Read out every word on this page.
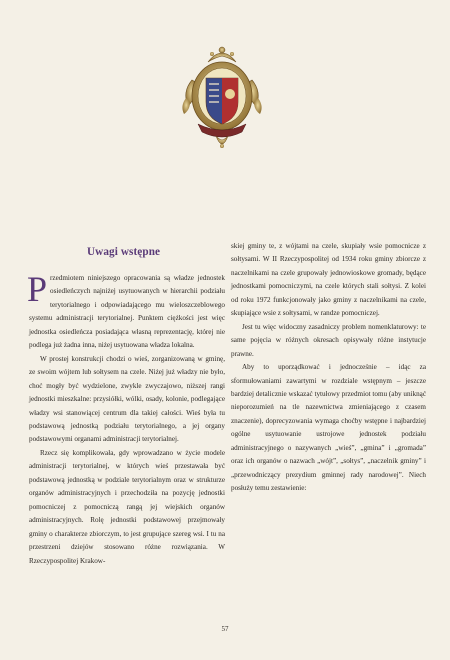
Uwagi wstępne

Przedmiotem niniejszego opracowania są władze jednostek osiedleńczych najniżej usytuowanych w hierarchii podziału terytorialnego i odpowiadającego mu wieloszczeblowego systemu administracji terytorialnej. Punktem ciężkości jest więc jednostka osiedleńcza posiadająca własną reprezentację, której nie podlega już żadna inna, niżej usytuowana władza lokalna.

W prostej konstrukcji chodzi o wieś, zorganizowaną w gminę, ze swoim wójtem lub sołtysem na czele. Niżej już władzy nie było, choć mogły być wydzielone, zwykle zwyczajowo, niższej rangi jednostki mieszkalne: przysiółki, wólki, osady, kolonie, podlegające władzy wsi stanowiącej centrum dla takiej całości. Wieś była tu podstawową jednostką podziału terytorialnego, a jej organy podstawowymi organami administracji terytorialnej.

Rzecz się komplikowała, gdy wprowadzano w życie modele administracji terytorialnej, w których wieś przestawała być podstawową jednostką w podziale terytorialnym oraz w strukturze organów administracyjnych i przechodziła na pozycję jednostki pomocniczej z pomocniczą rangą jej wiejskich organów administracyjnych. Rolę jednostki podstawowej przejmowały gminy o charakterze zbiorczym, to jest grupujące szereg wsi. I tu na przestrzeni dziejów stosowano różne rozwiązania. W Rzeczypospolitej Krakow-

skiej gminy te, z wójtami na czele, skupiały wsie pomocnicze z sołtysami. W II Rzeczypospolitej od 1934 roku gminy zbiorcze z naczelnikami na czele grupowały jednowioskowe gromady, będące jednostkami pomocniczymi, na czele których stali sołtysi. Z kolei od roku 1972 funkcjonowały jako gminy z naczelnikami na czele, skupiające wsie z sołtysami, w randze pomocniczej.

Jest tu więc widoczny zasadniczy problem nomenklaturowy: te same pojęcia w różnych okresach opisywały różne instytucje prawne.

Aby to uporządkować i jednocześnie – idąc za sformułowaniami zawartymi w rozdziale wstępnym – jeszcze bardziej detalicznie wskazać tytułowy przedmiot tomu (aby uniknąć nieporozumień na tle nazewnictwa zmieniającego z czasem znaczenie), doprecyzowania wymaga choćby wstępne i najbardziej ogólne usytuowanie ustrojowe jednostek podziału administracyjnego o nazywanych „wieś”, „gmina” i „gromada” oraz ich organów o nazwach „wójt”, „sołtys”, „naczelnik gminy” i „przewodniczący prezydium gminnej rady narodowej”. Niech posłuży temu zestawienie:

57
